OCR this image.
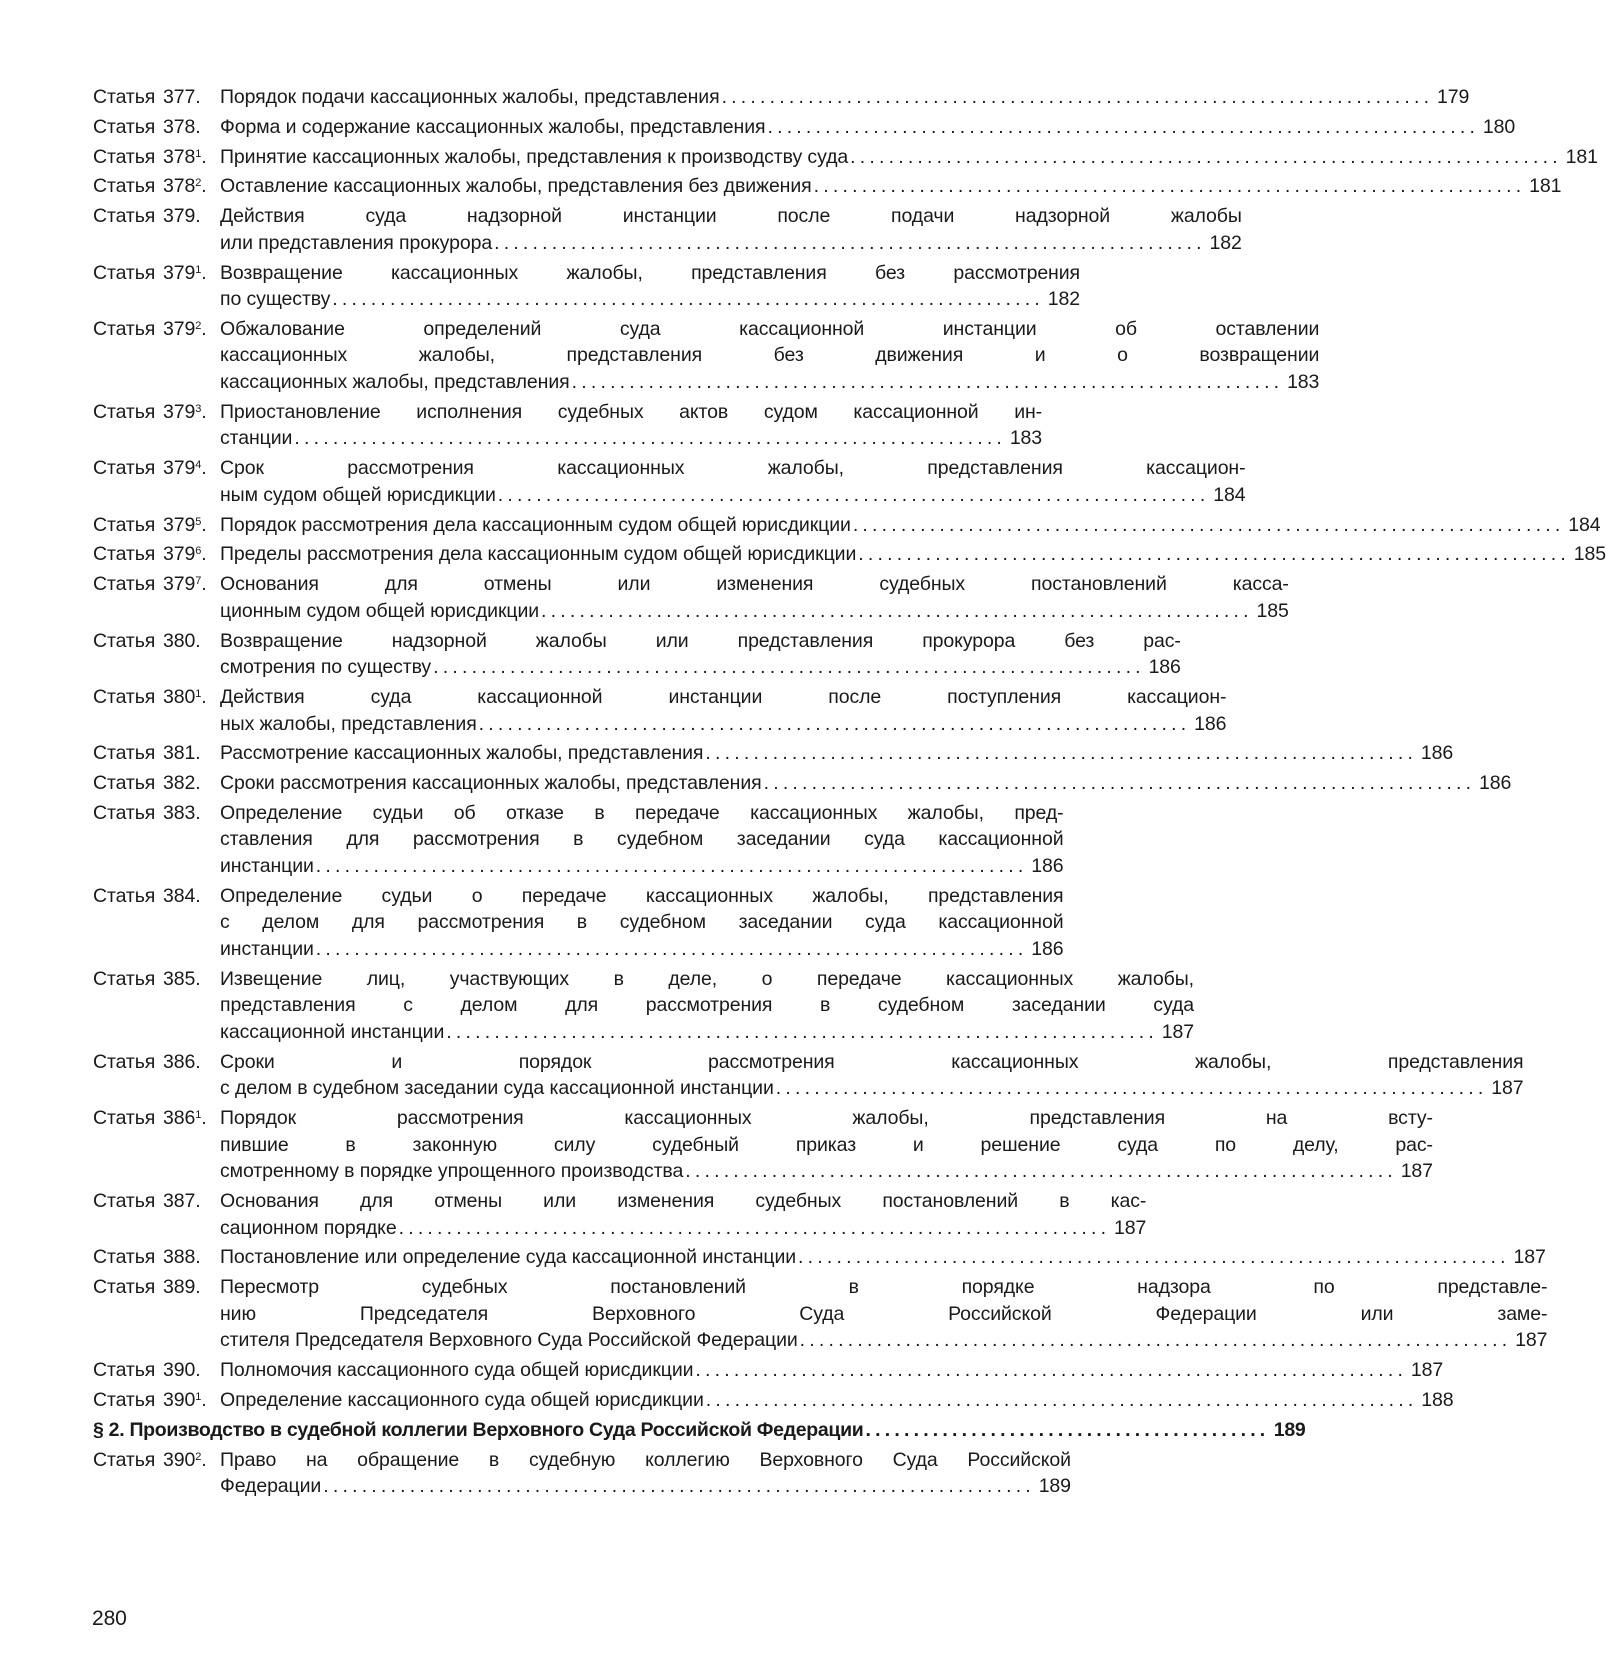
Статья 377. Порядок подачи кассационных жалобы, представления .......................................................................... 179
Статья 378. Форма и содержание кассационных жалобы, представления .......................................................................... 180
Статья $378^1$. Принятие кассационных жалобы, представления к производству суда .......................................................................... 181
Статья $378^2$. Оставление кассационных жалобы, представления без движения .......................................................................... 181
Статья 379. Действия суда надзорной инстанции после подачи надзорной жалобы
или представления прокурора .......................................................................... 182
Статья $379^1$. Возвращение кассационных жалобы, представления без рассмотрения
по существу .......................................................................... 182
Статья $379^2$. Обжалование определений суда кассационной инстанции об оставлении
кассационных жалобы, представления без движения и о возвращении
кассационных жалобы, представления .......................................................................... 183
Статья $379^3$. Приостановление исполнения судебных актов судом кассационной ин-
станции .......................................................................... 183
Статья $379^4$. Срок рассмотрения кассационных жалобы, представления кассацион-
ным судом общей юрисдикции .......................................................................... 184
Статья $379^5$. Порядок рассмотрения дела кассационным судом общей юрисдикции .......................................................................... 184
Статья $379^6$. Пределы рассмотрения дела кассационным судом общей юрисдикции .......................................................................... 185
Статья $379^7$. Основания для отмены или изменения судебных постановлений касса-
ционным судом общей юрисдикции .......................................................................... 185
Статья 380. Возвращение надзорной жалобы или представления прокурора без рас-
смотрения по существу .......................................................................... 186
Статья $380^1$. Действия суда кассационной инстанции после поступления кассацион-
ных жалобы, представления .......................................................................... 186
Статья 381. Рассмотрение кассационных жалобы, представления .......................................................................... 186
Статья 382. Сроки рассмотрения кассационных жалобы, представления .......................................................................... 186
Статья 383. Определение судьи об отказе в передаче кассационных жалобы, пред-
ставления для рассмотрения в судебном заседании суда кассационной
инстанции .......................................................................... 186
Статья 384. Определение судьи о передаче кассационных жалобы, представления
с делом для рассмотрения в судебном заседании суда кассационной
инстанции .......................................................................... 186
Статья 385. Извещение лиц, участвующих в деле, о передаче кассационных жалобы,
представления с делом для рассмотрения в судебном заседании суда
кассационной инстанции .......................................................................... 187
Статья 386. Сроки и порядок рассмотрения кассационных жалобы, представления
с делом в судебном заседании суда кассационной инстанции .......................................................................... 187
Статья $386^1$. Порядок рассмотрения кассационных жалобы, представления на всту-
пившие в законную силу судебный приказ и решение суда по делу, рас-
смотренному в порядке упрощенного производства .......................................................................... 187
Статья 387. Основания для отмены или изменения судебных постановлений в кас-
сационном порядке .......................................................................... 187
Статья 388. Постановление или определение суда кассационной инстанции .......................................................................... 187
Статья 389. Пересмотр судебных постановлений в порядке надзора по представле-
нию Председателя Верховного Суда Российской Федерации или заме-
стителя Председателя Верховного Суда Российской Федерации .......................................................................... 187
Статья 390. Полномочия кассационного суда общей юрисдикции .......................................................................... 187
Статья $390^1$. Определение кассационного суда общей юрисдикции .......................................................................... 188
§ 2. Производство в судебной коллегии Верховного Суда Российской Федерации .......................................... 189
Статья $390^2$. Право на обращение в судебную коллегию Верховного Суда Российской
Федерации .......................................................................... 189
280
